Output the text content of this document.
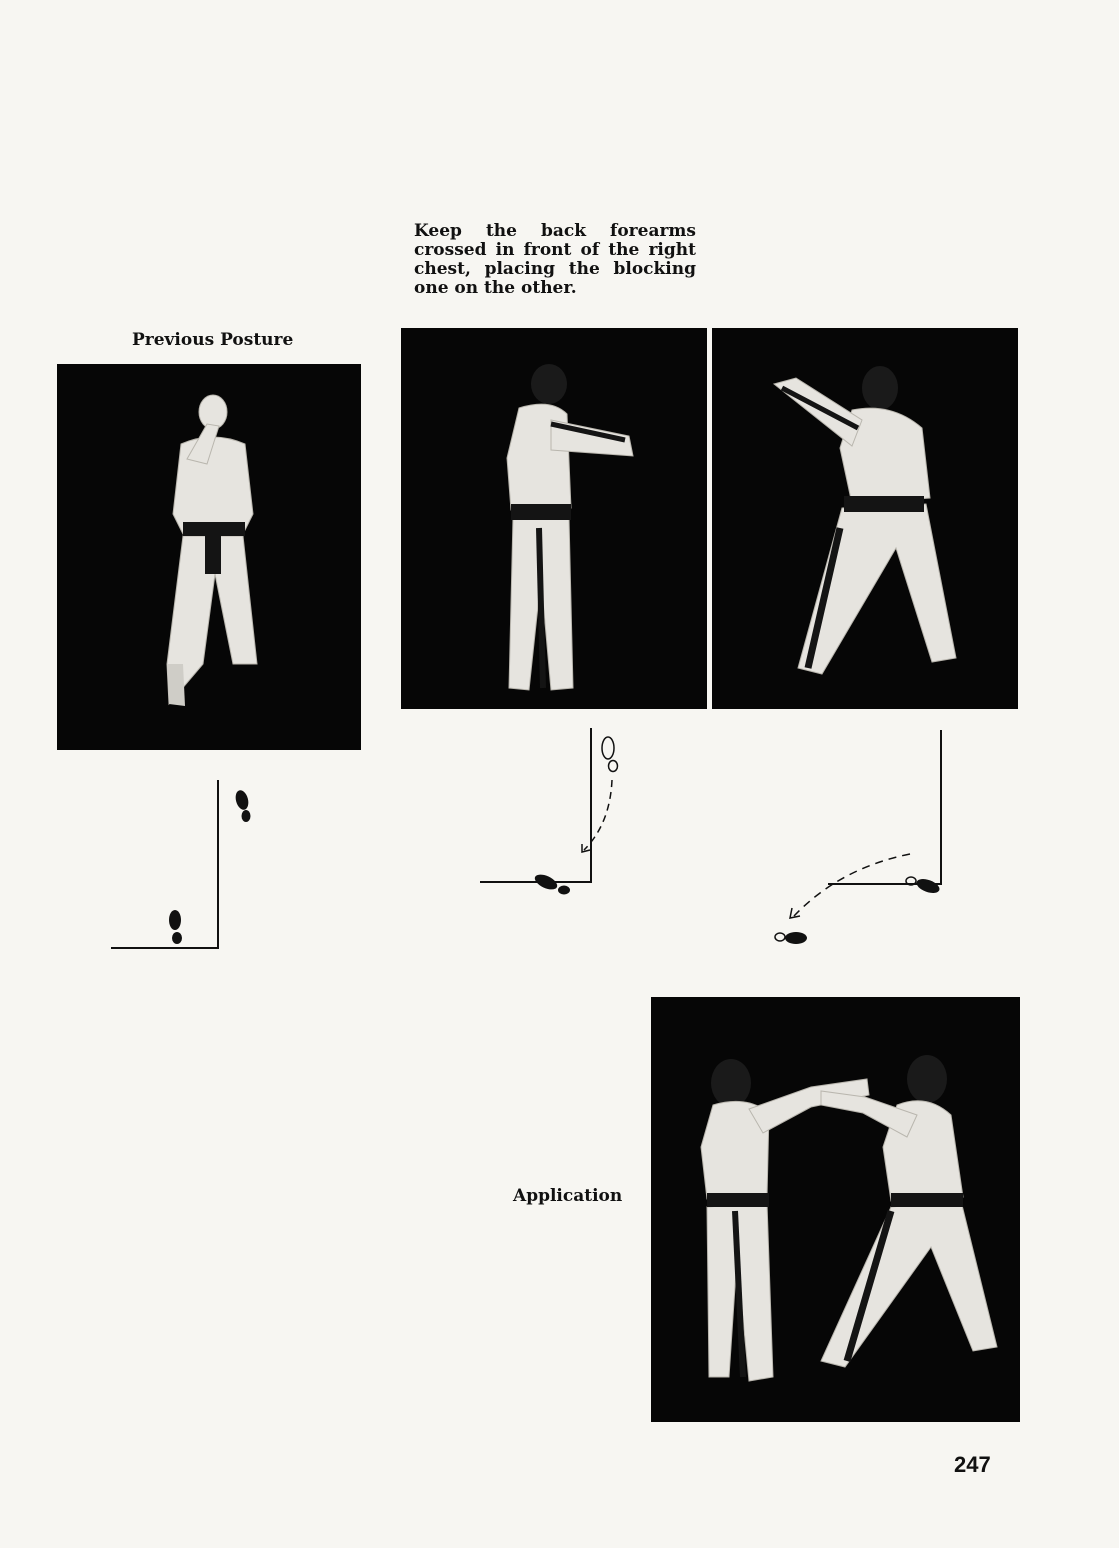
Keep the back forearms crossed in front of the right chest, placing the blocking one on the other.
Previous Posture
Application
247
